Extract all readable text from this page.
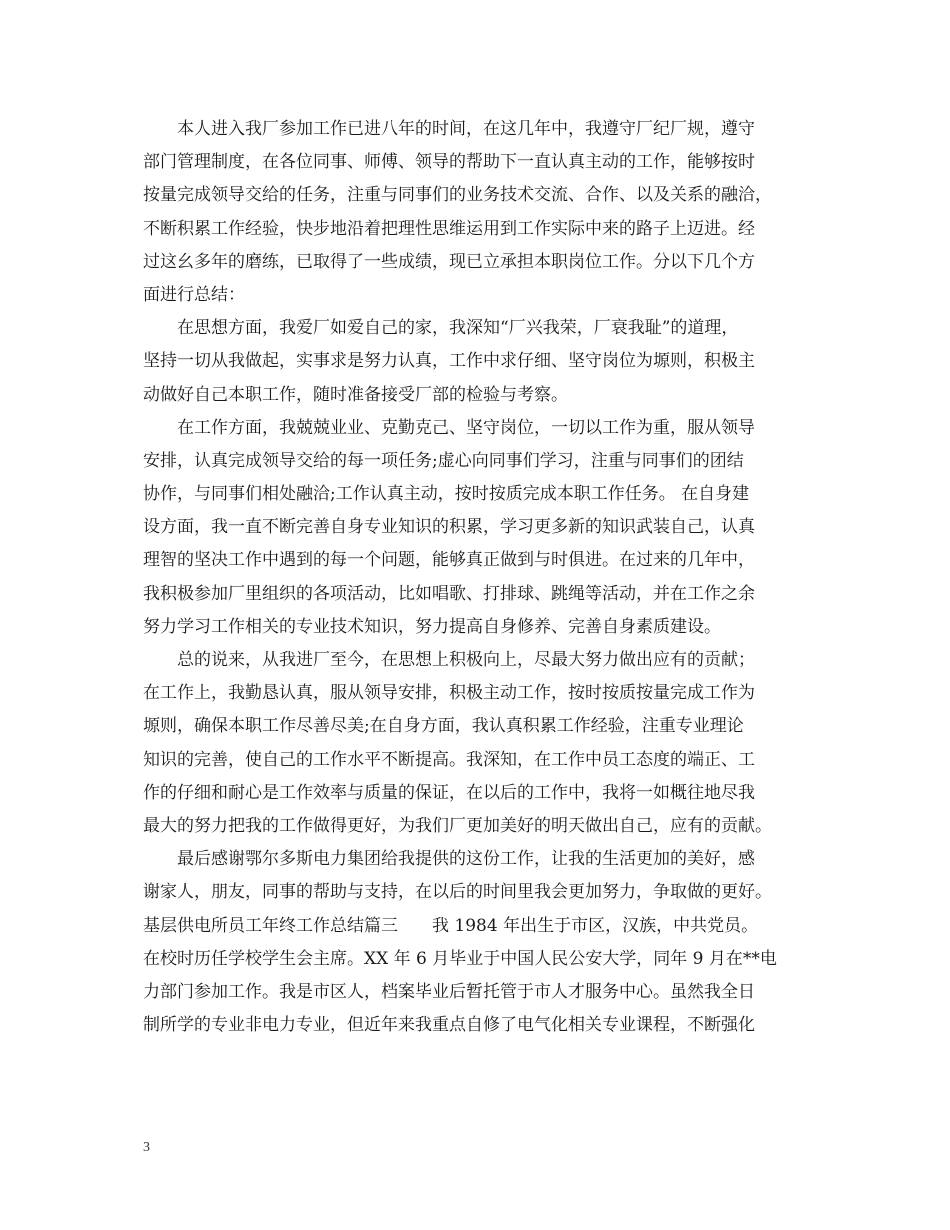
本人进入我厂参加工作已进八年的时间，在这几年中，我遵守厂纪厂规，遵守
部门管理制度，在各位同事、师傅、领导的帮助下一直认真主动的工作，能够按时
按量完成领导交给的任务，注重与同事们的业务技术交流、合作、以及关系的融洽，
不断积累工作经验，快步地沿着把理性思维运用到工作实际中来的路子上迈进。经
过这幺多年的磨练，已取得了一些成绩，现已立承担本职岗位工作。分以下几个方
面进行总结：
在思想方面，我爱厂如爱自己的家，我深知“厂兴我荣，厂衰我耻”的道理，
坚持一切从我做起，实事求是努力认真，工作中求仔细、坚守岗位为塬则，积极主
动做好自己本职工作，随时准备接受厂部的检验与考察。
在工作方面，我兢兢业业、克勤克己、坚守岗位，一切以工作为重，服从领导
安排，认真完成领导交给的每一项任务;虚心向同事们学习，注重与同事们的团结
协作，与同事们相处融洽;工作认真主动，按时按质完成本职工作任务。 在自身建
设方面，我一直不断完善自身专业知识的积累，学习更多新的知识武装自己，认真
理智的坚决工作中遇到的每一个问题，能够真正做到与时俱进。在过来的几年中，
我积极参加厂里组织的各项活动，比如唱歌、打排球、跳绳等活动，并在工作之余
努力学习工作相关的专业技术知识，努力提高自身修养、完善自身素质建设。
总的说来，从我进厂至今，在思想上积极向上，尽最大努力做出应有的贡献；
在工作上，我勤恳认真，服从领导安排，积极主动工作，按时按质按量完成工作为
塬则，确保本职工作尽善尽美;在自身方面，我认真积累工作经验，注重专业理论
知识的完善，使自己的工作水平不断提高。我深知，在工作中员工态度的端正、工
作的仔细和耐心是工作效率与质量的保证，在以后的工作中，我将一如概往地尽我
最大的努力把我的工作做得更好，为我们厂更加美好的明天做出自己，应有的贡献。
最后感谢鄂尔多斯电力集团给我提供的这份工作，让我的生活更加的美好，感
谢家人，朋友，同事的帮助与支持，在以后的时间里我会更加努力，争取做的更好。
基层供电所员工年终工作总结篇三　　我 1984 年出生于市区，汉族，中共党员。
在校时历任学校学生会主席。XX 年 6 月毕业于中国人民公安大学，同年 9 月在**电
力部门参加工作。我是市区人，档案毕业后暂托管于市人才服务中心。虽然我全日
制所学的专业非电力专业，但近年来我重点自修了电气化相关专业课程，不断强化
3
